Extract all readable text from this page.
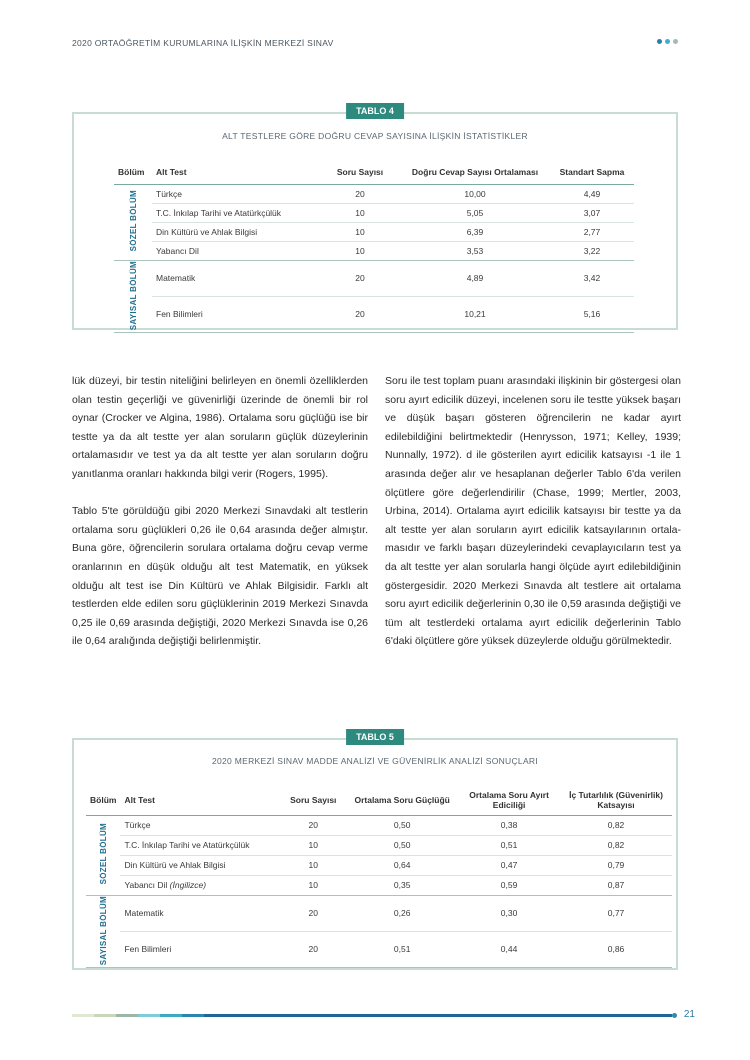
2020 ORTAÖĞRETİM KURUMLARINA İLİŞKİN MERKEZİ SINAV
TABLO 4
ALT TESTLERE GÖRE DOĞRU CEVAP SAYISINA İLİŞKİN İSTATİSTİKLER
Bölüm	Alt Test	Soru Sayısı	Doğru Cevap Sayısı Ortalaması	Standart Sapma
SÖZEL BÖLÜM	Türkçe	20	10,00	4,49
	T.C. İnkılap Tarihi ve Atatürkçülük	10	5,05	3,07
	Din Kültürü ve Ahlak Bilgisi	10	6,39	2,77
	Yabancı Dil	10	3,53	3,22
SAYISAL BÖLÜM	Matematik	20	4,89	3,42
	Fen Bilimleri	20	10,21	5,16

lük düzeyi, bir testin niteliğini belirleyen en önemli özelliklerden olan testin geçerliği ve güvenirliği üzerinde de önemli bir rol oynar (Crocker ve Algina, 1986). Ortalama soru güçlüğü ise bir testte ya da alt testte yer alan soruların güçlük düzeylerinin ortalamasıdır ve test ya da alt testte yer alan soruların doğru yanıtlanma oranları hakkında bilgi verir (Rogers, 1995).

Tablo 5'te görüldüğü gibi 2020 Merkezi Sınavdaki alt testlerin ortalama soru güçlükleri 0,26 ile 0,64 arasında değer almıştır. Buna göre, öğrencilerin sorulara ortalama doğru cevap verme oranlarının en düşük olduğu alt test Matematik, en yüksek olduğu alt test ise Din Kültürü ve Ahlak Bilgisidir. Farklı alt testlerden elde edilen soru güçlüklerinin 2019 Merkezi Sınavda 0,25 ile 0,69 arasında değiştiği, 2020 Merkezi Sınavda ise 0,26 ile 0,64 aralığında değiştiği belirlenmiştir.

Soru ile test toplam puanı arasındaki ilişkinin bir göstergesi olan soru ayırt edicilik düzeyi, incelenen soru ile testte yüksek başarı ve düşük başarı gösteren öğrencilerin ne kadar ayırt edilebildiğini belirtmektedir (Henrysson, 1971; Kelley, 1939; Nunnally, 1972). d ile gösterilen ayırt edicilik katsayısı -1 ile 1 arasında değer alır ve hesaplanan değerler Tablo 6'da verilen ölçütlere göre değerlendirilir (Chase, 1999; Mertler, 2003, Urbina, 2014). Ortalama ayırt edicilik katsayısı bir testte ya da alt testte yer alan soruların ayırt edicilik katsayılarının ortalamasıdır ve farklı başarı düzeylerindeki cevaplayıcıların test ya da alt testte yer alan sorularla hangi ölçüde ayırt edilebildiğinin göstergesidir. 2020 Merkezi Sınavda alt testlere ait ortalama soru ayırt edicilik değerlerinin 0,30 ile 0,59 arasında değiştiği ve tüm alt testlerdeki ortalama ayırt edicilik değerlerinin Tablo 6'daki ölçütlere göre yüksek düzeylerde olduğu görülmektedir.

TABLO 5
2020 MERKEZİ SINAV MADDE ANALİZİ VE GÜVENİRLİK ANALİZİ SONUÇLARI
Bölüm	Alt Test	Soru Sayısı	Ortalama Soru Güçlüğü	Ortalama Soru Ayırt Ediciliği	İç Tutarlılık (Güvenirlik) Katsayısı
SÖZEL BÖLÜM	Türkçe	20	0,50	0,38	0,82
	T.C. İnkılap Tarihi ve Atatürkçülük	10	0,50	0,51	0,82
	Din Kültürü ve Ahlak Bilgisi	10	0,64	0,47	0,79
	Yabancı Dil (İngilizce)	10	0,35	0,59	0,87
SAYISAL BÖLÜM	Matematik	20	0,26	0,30	0,77
	Fen Bilimleri	20	0,51	0,44	0,86
21
